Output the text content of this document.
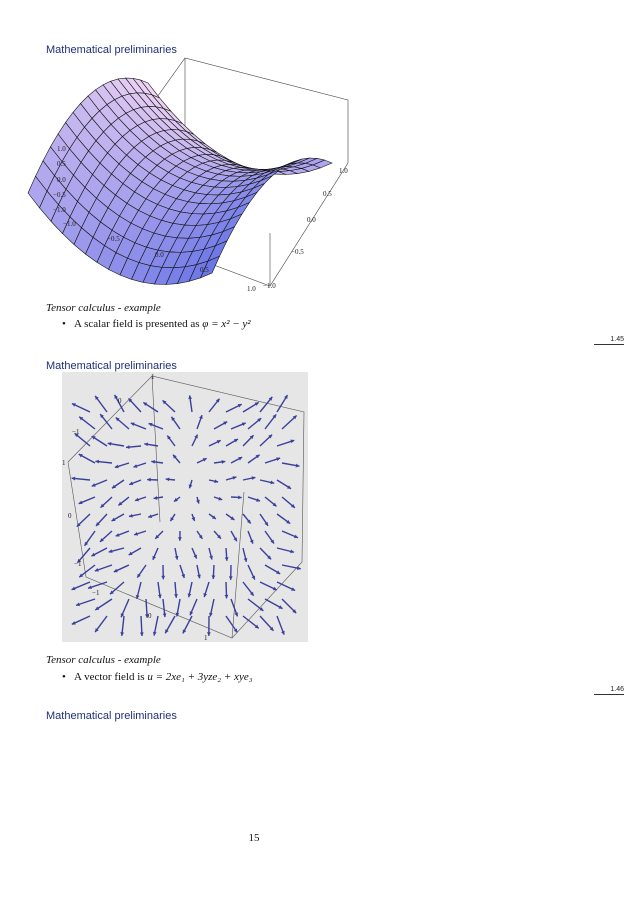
Mathematical preliminaries
1.0
0.5
0.0
−0.5
−1.0
−1.0
−0.5
0.0
0.5
1.0 −1.0
−0.5
0.0
0.5
1.0
Tensor calculus - example
• A scalar field is presented as φ = x² − y²
1.45
Mathematical preliminaries
1
0
−1
1
0
−1
−1
0
1
Tensor calculus - example
• A vector field is u = 2xe₁ + 3yze₂ + xye₃
1.46
Mathematical preliminaries
15
